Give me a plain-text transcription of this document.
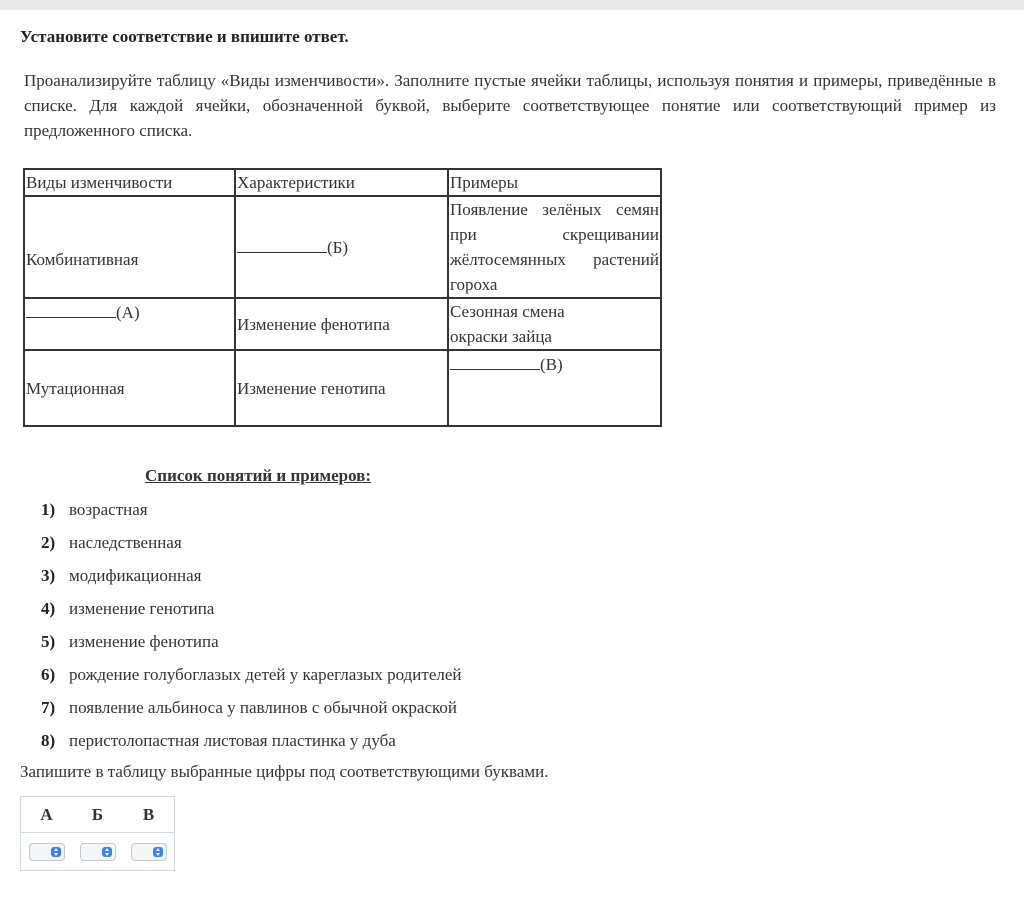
Установите соответствие и впишите ответ.
Проанализируйте таблицу «Виды изменчивости». Заполните пустые ячейки таблицы, используя понятия и примеры, приведённые в списке. Для каждой ячейки, обозначенной буквой, выберите соответствующее понятие или соответствующий пример из предложенного списка.
Виды изменчивости	Характеристики	Примеры
Комбинативная	(Б)	Появление зелёных семян
при скрещивании
жёлтосемянных растений
гороха

(А)	Изменение фенотипа	Сезонная смена
окраски зайца

Мутационная	Изменение генотипа	(В)
Список понятий и примеров:
1) возрастная
2) наследственная
3) модификационная
4) изменение генотипа
5) изменение фенотипа
6) рождение голубоглазых детей у кареглазых родителей
7) появление альбиноса у павлинов с обычной окраской
8) перистолопастная листовая пластинка у дуба
Запишите в таблицу выбранные цифры под соответствующими буквами.
А	Б	В
